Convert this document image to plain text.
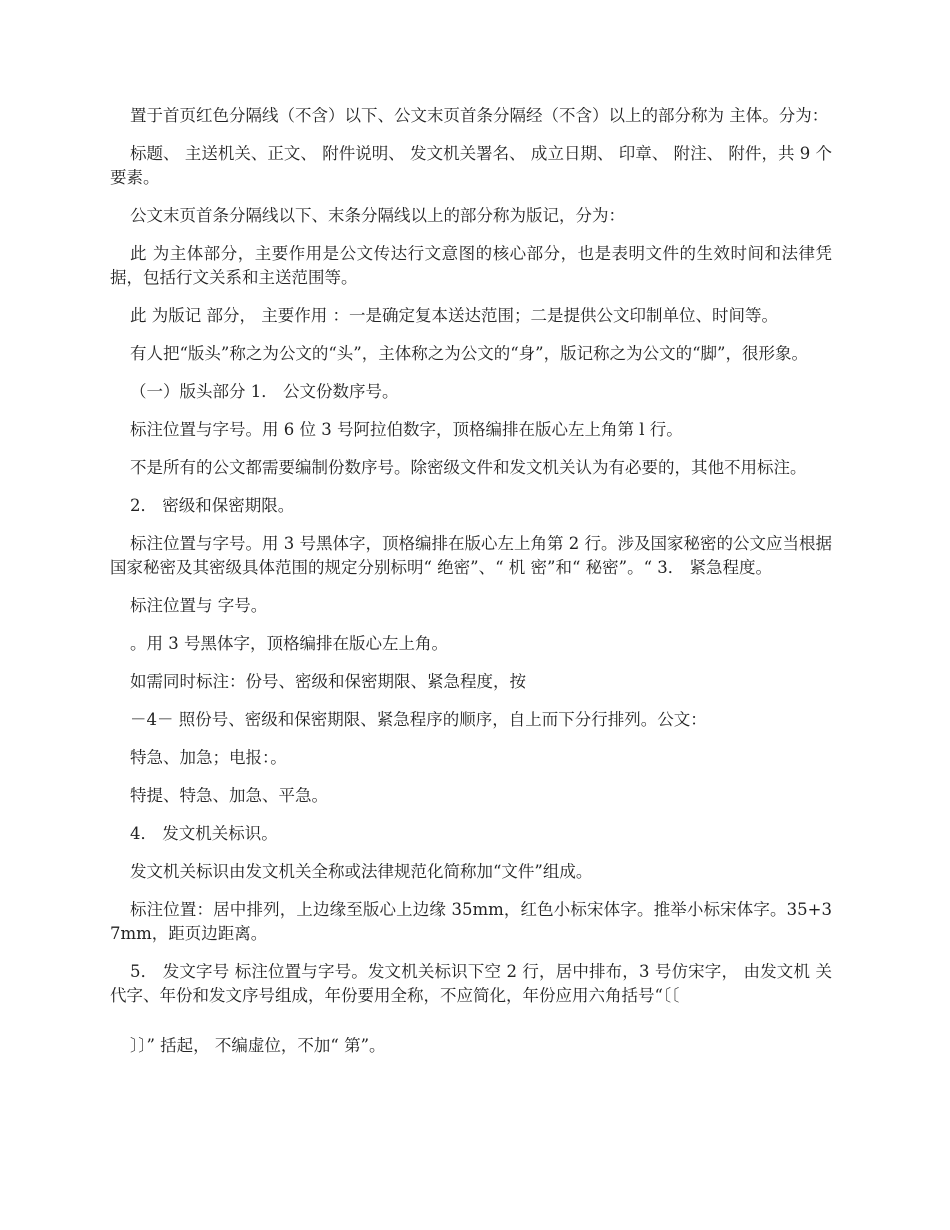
置于首页红色分隔线（不含）以下、公文末页首条分隔经（不含）以上的部分称为 主体。分为：

标题、 主送机关、正文、 附件说明、 发文机关署名、 成立日期、 印章、 附注、 附件，共 9 个要素。

公文末页首条分隔线以下、末条分隔线以上的部分称为版记，分为：

此 为主体部分，主要作用是公文传达行文意图的核心部分，也是表明文件的生效时间和法律凭据，包括行文关系和主送范围等。

此 为版记 部分， 主要作用 ：一是确定复本送达范围；二是提供公文印制单位、时间等。

有人把“版头”称之为公文的“头”，主体称之为公文的“身”，版记称之为公文的“脚”，很形象。

（一）版头部分 1． 公文份数序号。

标注位置与字号。用 6 位 3 号阿拉伯数字，顶格编排在版心左上角第 l 行。

不是所有的公文都需要编制份数序号。除密级文件和发文机关认为有必要的，其他不用标注。

2． 密级和保密期限。

标注位置与字号。用 3 号黑体字，顶格编排在版心左上角第 2 行。涉及国家秘密的公文应当根据国家秘密及其密级具体范围的规定分别标明“ 绝密”、“ 机 密”和“ 秘密”。“ 3． 紧急程度。

标注位置与 字号。

。用 3 号黑体字，顶格编排在版心左上角。

如需同时标注：份号、密级和保密期限、紧急程度，按

－4－ 照份号、密级和保密期限、紧急程序的顺序，自上而下分行排列。公文：

特急、加急；电报：。

特提、特急、加急、平急。

4． 发文机关标识。

发文机关标识由发文机关全称或法律规范化简称加“文件”组成。

标注位置：居中排列，上边缘至版心上边缘 35mm，红色小标宋体字。推举小标宋体字。35+37mm，距页边距离。

5． 发文字号 标注位置与字号。发文机关标识下空 2 行，居中排布，3 号仿宋字， 由发文机 关代字、年份和发文序号组成，年份要用全称，不应简化，年份应用六角括号“〔〔

〕〕” 括起， 不编虚位，不加“ 第”。
